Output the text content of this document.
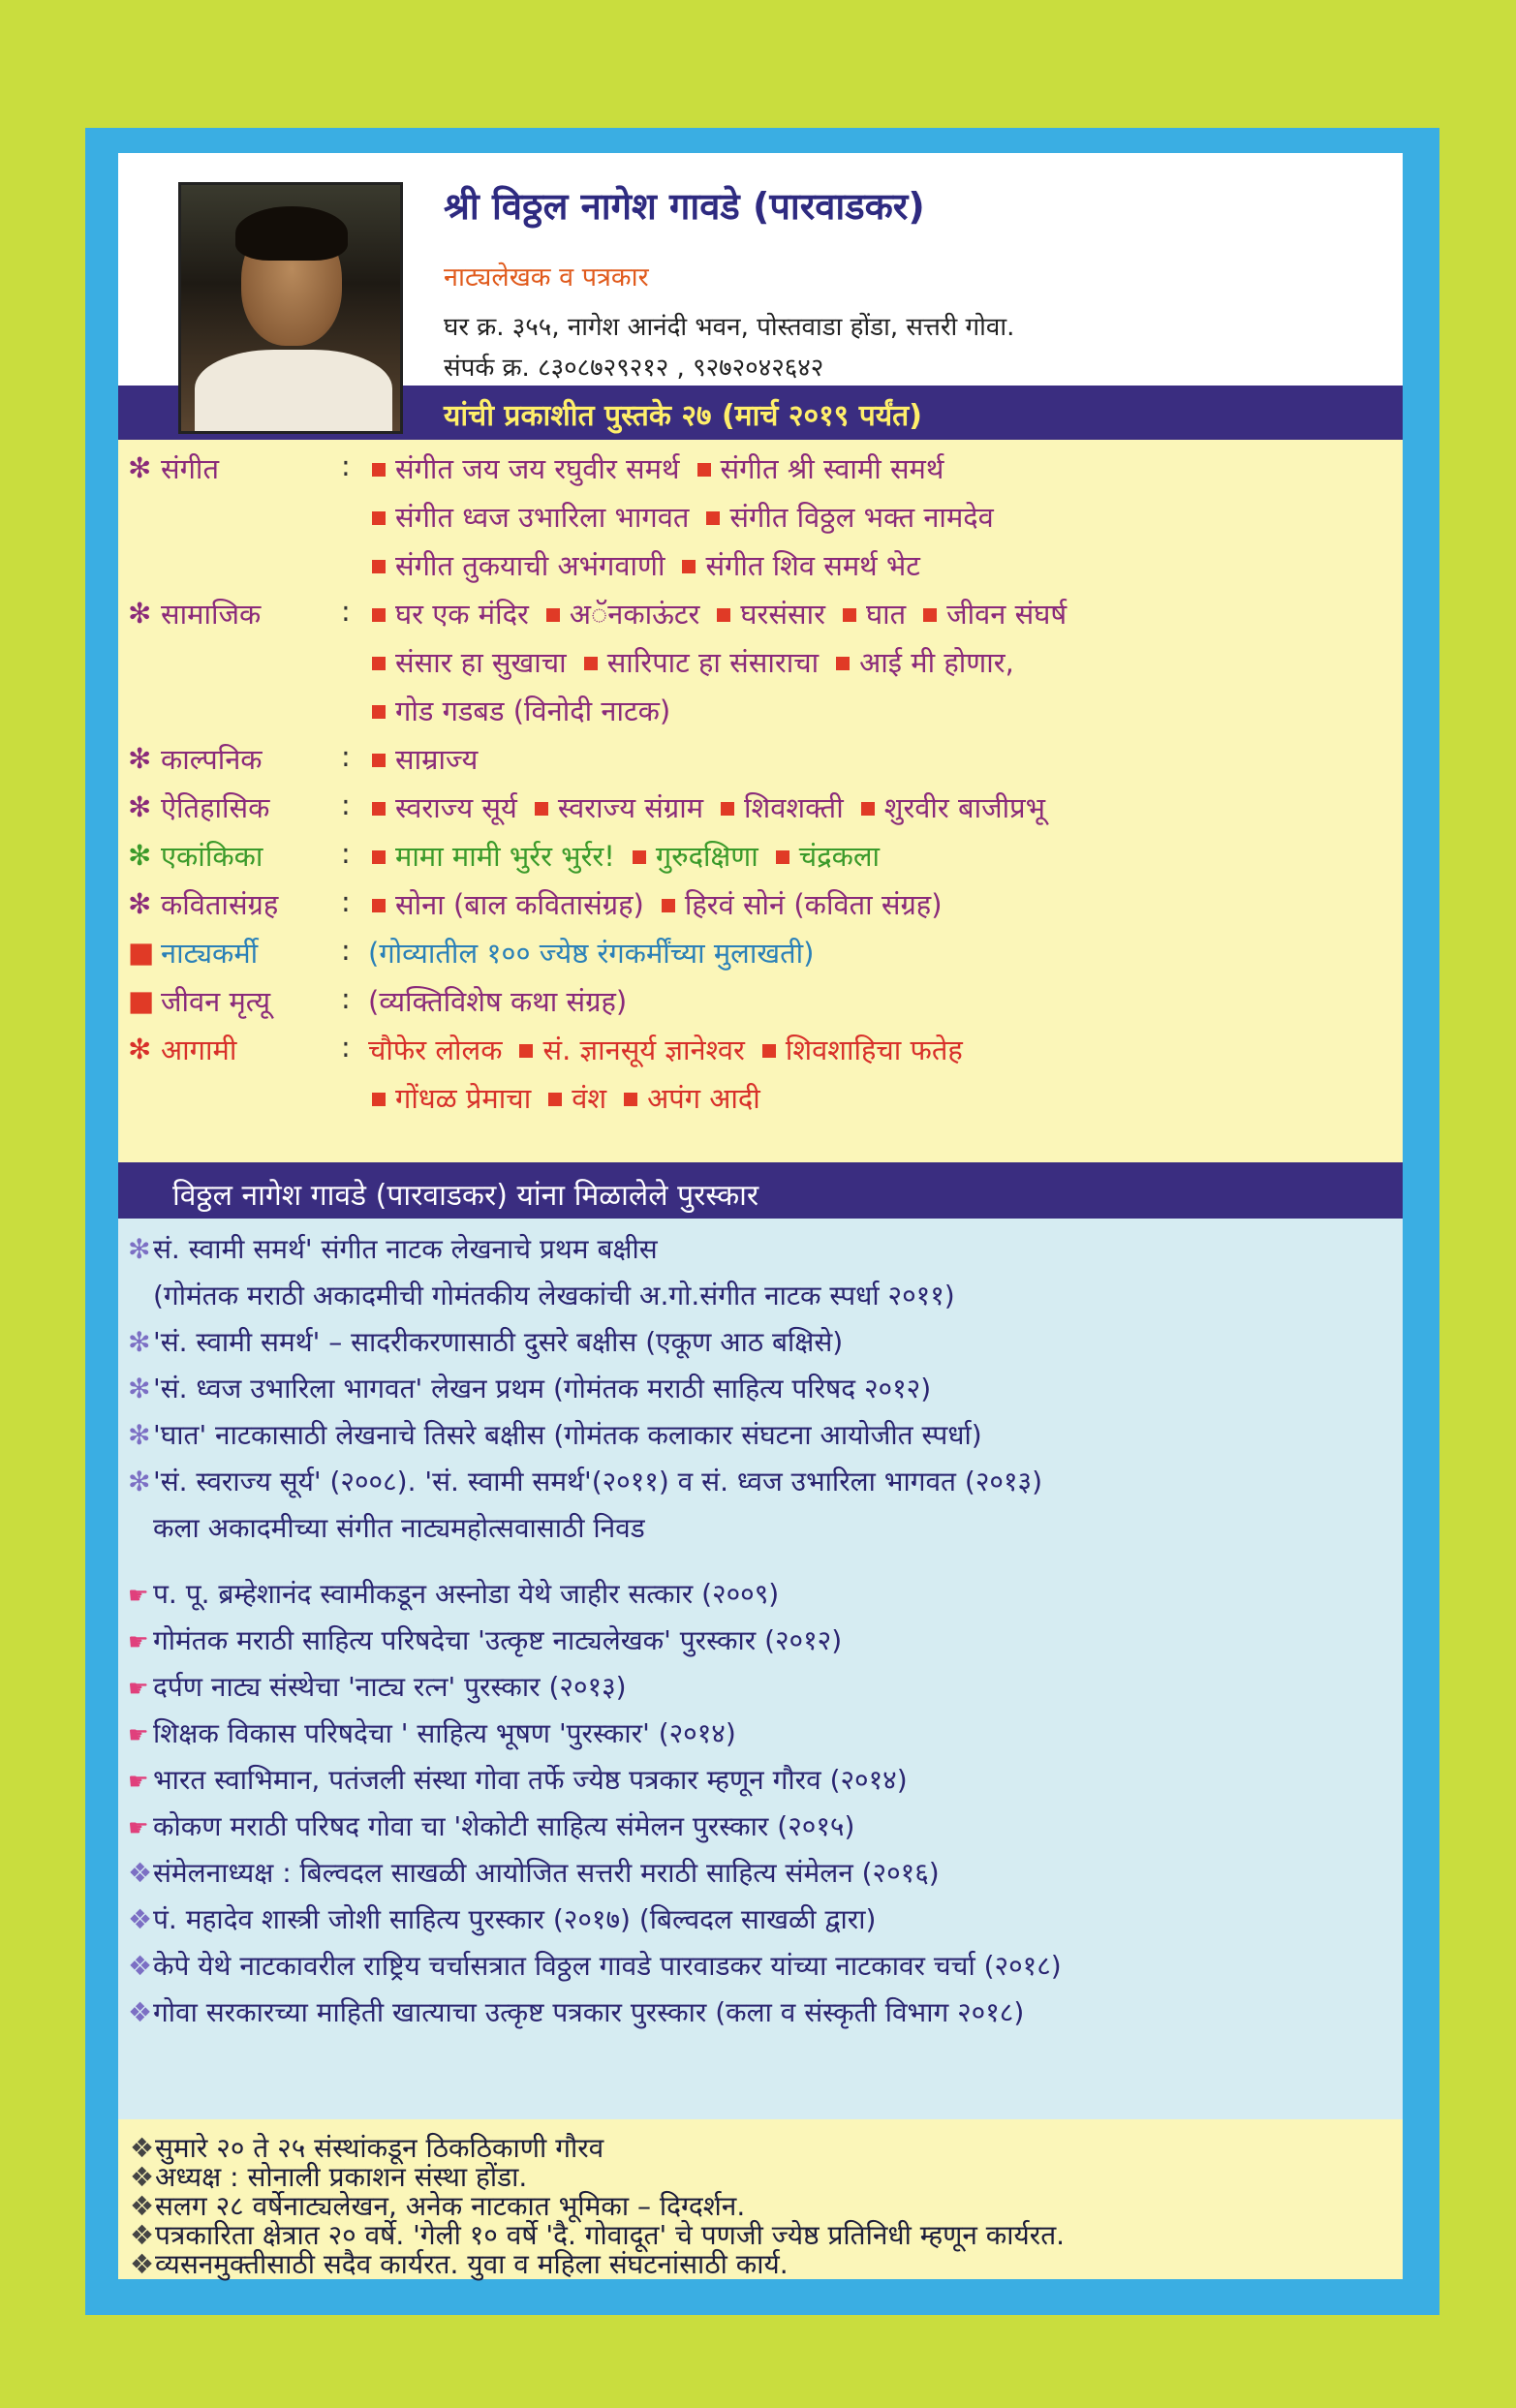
श्री विठ्ठल नागेश गावडे (पारवाडकर)
नाट्यलेखक व पत्रकार
घर क्र. ३५५, नागेश आनंदी भवन, पोस्तवाडा होंडा, सत्तरी गोवा.
संपर्क क्र. ८३०८७२९२१२ , ९२७२०४२६४२
यांची प्रकाशीत पुस्तके २७ (मार्च २०१९ पर्यंत)
✻ संगीत	:	संगीत जय जय रघुवीर समर्थ संगीत श्री स्वामी समर्थ
संगीत ध्वज उभारिला भागवत संगीत विठ्ठल भक्त नामदेव
संगीत तुकयाची अभंगवाणी संगीत शिव समर्थ भेट
✻ सामाजिक	:	घर एक मंदिर अॅनकाऊंटर घरसंसार घात जीवन संघर्ष
संसार हा सुखाचा सारिपाट हा संसाराचा आई मी होणार,
गोड गडबड (विनोदी नाटक)
✻ काल्पनिक	:	साम्राज्य
✻ ऐतिहासिक	:	स्वराज्य सूर्य स्वराज्य संग्राम शिवशक्ती शुरवीर बाजीप्रभू
✻ एकांकिका	:	मामा मामी भुर्रर भुर्रर! गुरुदक्षिणा चंद्रकला
✻ कवितासंग्रह :	सोना (बाल कवितासंग्रह) हिरवं सोनं (कविता संग्रह)
■ नाट्यकर्मी	: (गोव्यातील १०० ज्येष्ठ रंगकर्मींच्या मुलाखती)
■ जीवन मृत्यू	: (व्यक्तिविशेष कथा संग्रह)
✻ आगामी	: चौफेर लोलक सं. ज्ञानसूर्य ज्ञानेश्वर शिवशाहिचा फतेह
गोंधळ प्रेमाचा वंश अपंग आदी
विठ्ठल नागेश गावडे (पारवाडकर) यांना मिळालेले पुरस्कार
✻सं. स्वामी समर्थ' संगीत नाटक लेखनाचे प्रथम बक्षीस
(गोमंतक मराठी अकादमीची गोमंतकीय लेखकांची अ.गो.संगीत नाटक स्पर्धा २०११)
✻'सं. स्वामी समर्थ' – सादरीकरणासाठी दुसरे बक्षीस (एकूण आठ बक्षिसे)
✻'सं. ध्वज उभारिला भागवत' लेखन प्रथम (गोमंतक मराठी साहित्य परिषद २०१२)
✻'घात' नाटकासाठी लेखनाचे तिसरे बक्षीस (गोमंतक कलाकार संघटना आयोजीत स्पर्धा)
✻'सं. स्वराज्य सूर्य' (२००८). 'सं. स्वामी समर्थ'(२०११) व सं. ध्वज उभारिला भागवत (२०१३)
कला अकादमीच्या संगीत नाट्यमहोत्सवासाठी निवड
☛ प. पू. ब्रम्हेशानंद स्वामीकडून अस्नोडा येथे जाहीर सत्कार (२००९)
☛ गोमंतक मराठी साहित्य परिषदेचा 'उत्कृष्ट नाट्यलेखक' पुरस्कार (२०१२)
☛ दर्पण नाट्य संस्थेचा 'नाट्य रत्न' पुरस्कार (२०१३)
☛ शिक्षक विकास परिषदेचा ' साहित्य भूषण 'पुरस्कार' (२०१४)
☛ भारत स्वाभिमान, पतंजली संस्था गोवा तर्फे ज्येष्ठ पत्रकार म्हणून गौरव (२०१४)
☛ कोकण मराठी परिषद गोवा चा 'शेकोटी साहित्य संमेलन पुरस्कार (२०१५)
❖संमेलनाध्यक्ष : बिल्वदल साखळी आयोजित सत्तरी मराठी साहित्य संमेलन (२०१६)
❖पं. महादेव शास्त्री जोशी साहित्य पुरस्कार (२०१७) (बिल्वदल साखळी द्वारा)
❖केपे येथे नाटकावरील राष्ट्रिय चर्चासत्रात विठ्ठल गावडे पारवाडकर यांच्या नाटकावर चर्चा (२०१८)
❖गोवा सरकारच्या माहिती खात्याचा उत्कृष्ट पत्रकार पुरस्कार (कला व संस्कृती विभाग २०१८)
❖सुमारे २० ते २५ संस्थांकडून ठिकठिकाणी गौरव
❖अध्यक्ष : सोनाली प्रकाशन संस्था होंडा.
❖सलग २८ वर्षेनाट्यलेखन, अनेक नाटकात भूमिका – दिग्दर्शन.
❖पत्रकारिता क्षेत्रात २० वर्षे. 'गेली १० वर्षे 'दै. गोवादूत' चे पणजी ज्येष्ठ प्रतिनिधी म्हणून कार्यरत.
❖व्यसनमुक्तीसाठी सदैव कार्यरत. युवा व महिला संघटनांसाठी कार्य.
